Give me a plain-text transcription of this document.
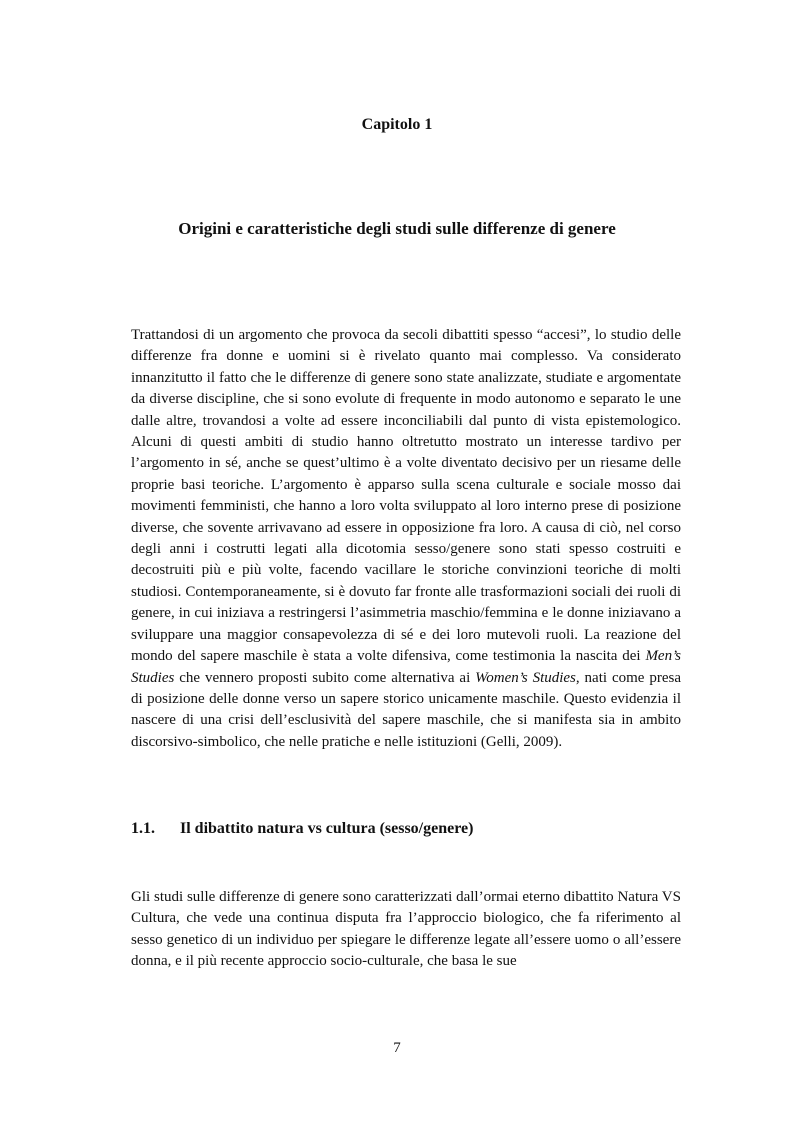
Capitolo 1
Origini e caratteristiche degli studi sulle differenze di genere

Trattandosi di un argomento che provoca da secoli dibattiti spesso “accesi”, lo studio delle differenze fra donne e uomini si è rivelato quanto mai complesso. Va considerato innanzitutto il fatto che le differenze di genere sono state analizzate, studiate e argomentate da diverse discipline, che si sono evolute di frequente in modo autonomo e separato le une dalle altre, trovandosi a volte ad essere inconciliabili dal punto di vista epistemologico. Alcuni di questi ambiti di studio hanno oltretutto mostrato un interesse tardivo per l’argomento in sé, anche se quest’ultimo è a volte diventato decisivo per un riesame delle proprie basi teoriche. L’argomento è apparso sulla scena culturale e sociale mosso dai movimenti femministi, che hanno a loro volta sviluppato al loro interno prese di posizione diverse, che sovente arrivavano ad essere in opposizione fra loro. A causa di ciò, nel corso degli anni i costrutti legati alla dicotomia sesso/genere sono stati spesso costruiti e decostruiti più e più volte, facendo vacillare le storiche convinzioni teoriche di molti studiosi. Contemporaneamente, si è dovuto far fronte alle trasformazioni sociali dei ruoli di genere, in cui iniziava a restringersi l’asimmetria maschio/femmina e le donne iniziavano a sviluppare una maggior consapevolezza di sé e dei loro mutevoli ruoli. La reazione del mondo del sapere maschile è stata a volte difensiva, come testimonia la nascita dei Men’s Studies che vennero proposti subito come alternativa ai Women’s Studies, nati come presa di posizione delle donne verso un sapere storico unicamente maschile. Questo evidenzia il nascere di una crisi dell’esclusività del sapere maschile, che si manifesta sia in ambito discorsivo-simbolico, che nelle pratiche e nelle istituzioni (Gelli, 2009).

1.1. Il dibattito natura vs cultura (sesso/genere)

Gli studi sulle differenze di genere sono caratterizzati dall’ormai eterno dibattito Natura VS Cultura, che vede una continua disputa fra l’approccio biologico, che fa riferimento al sesso genetico di un individuo per spiegare le differenze legate all’essere uomo o all’essere donna, e il più recente approccio socio-culturale, che basa le sue

7
